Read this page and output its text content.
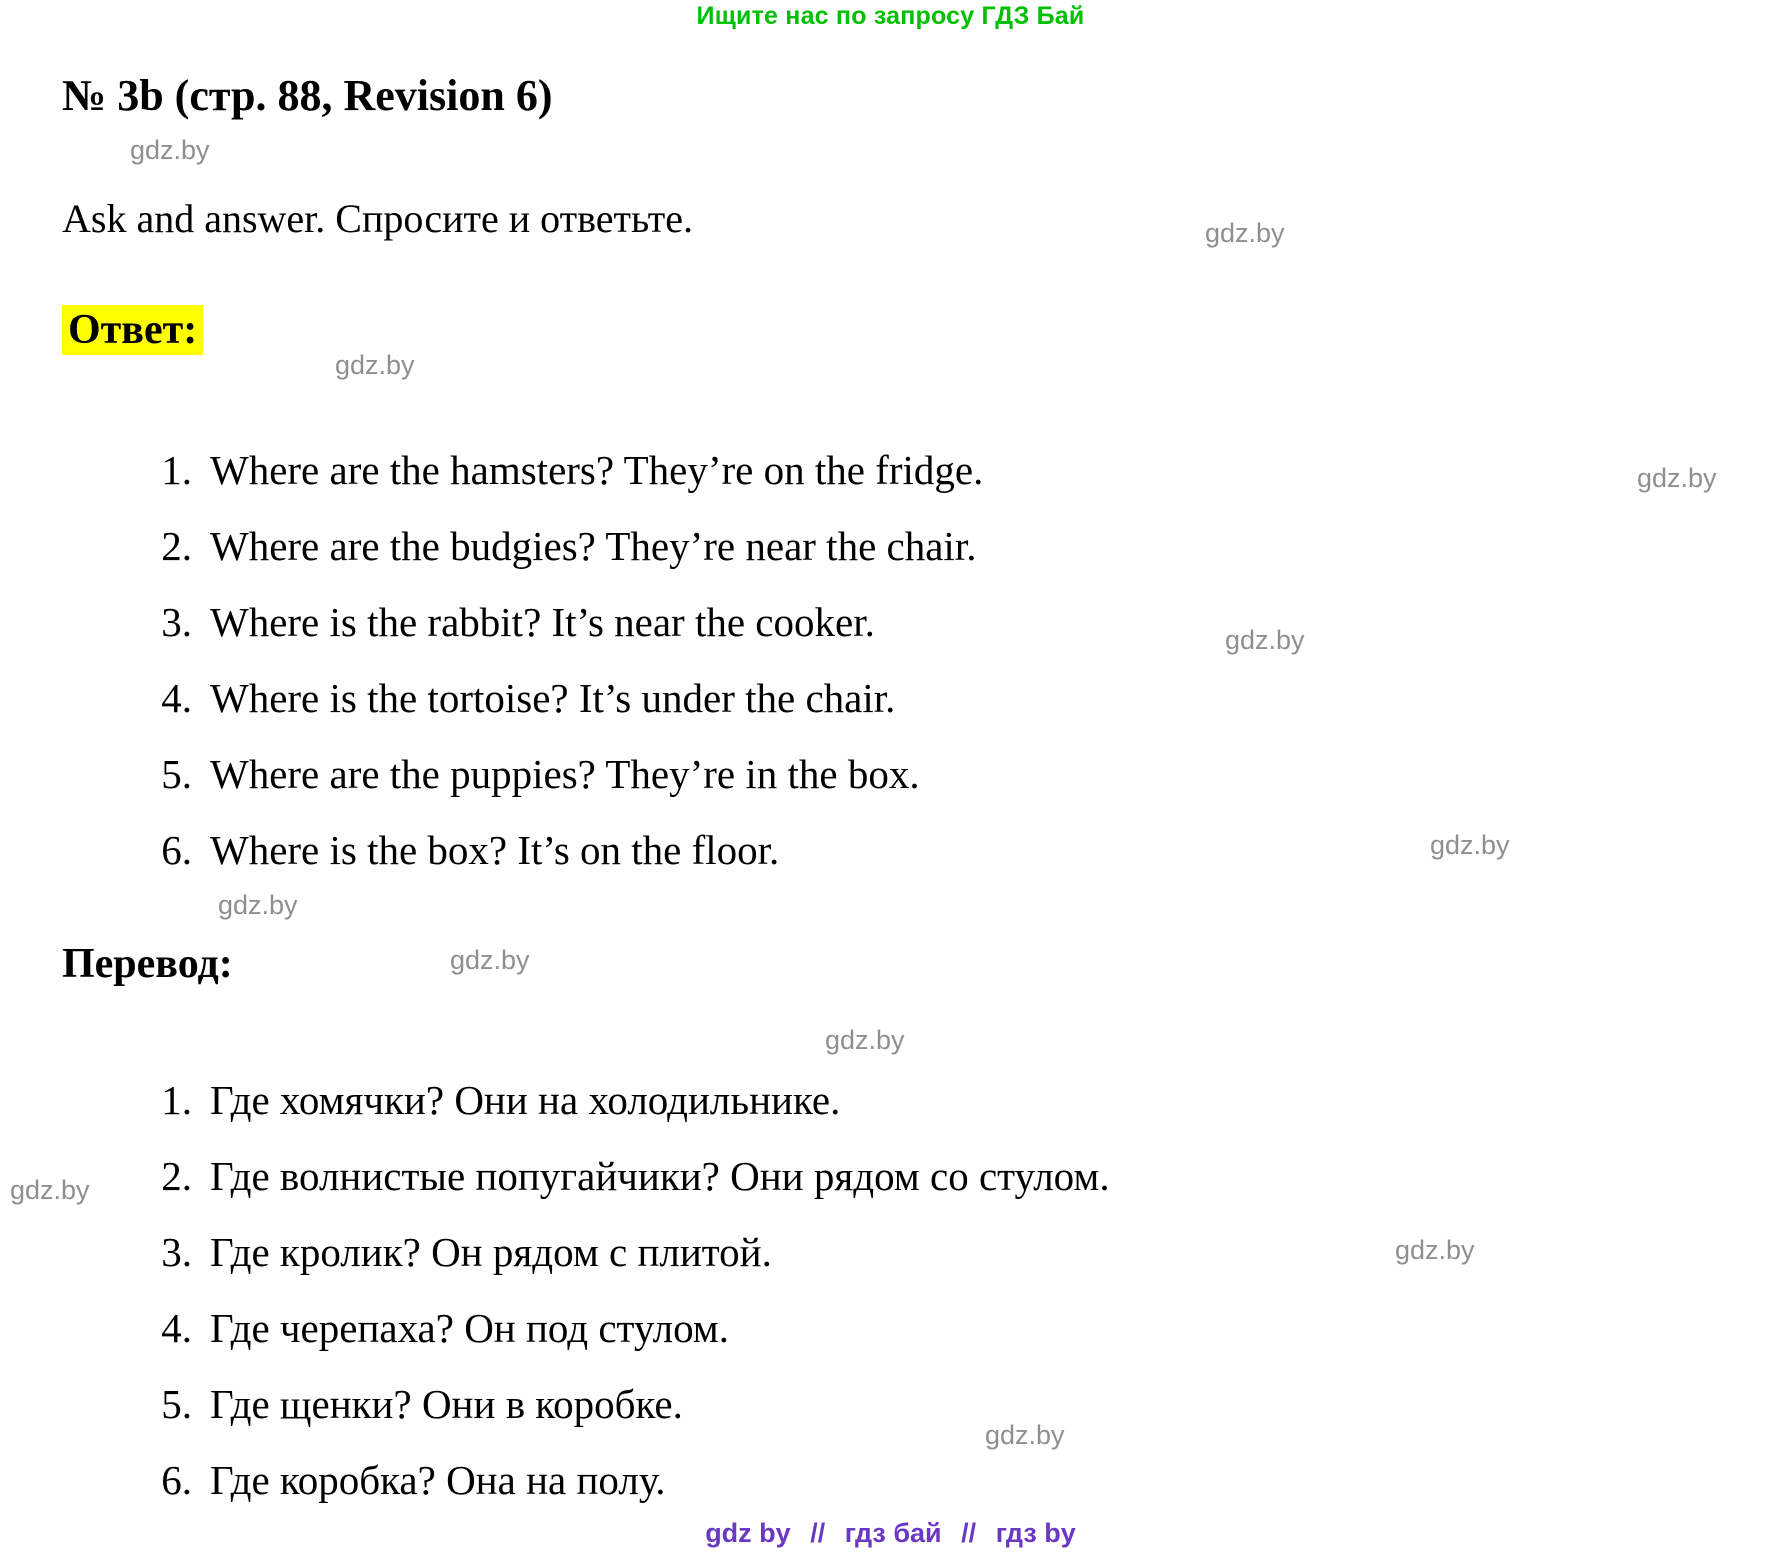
Ищите нас по запросу ГДЗ Бай
№ 3b (стр. 88, Revision 6)
Ask and answer. Спросите и ответьте.
Ответ:
1. Where are the hamsters? They’re on the fridge.
2. Where are the budgies? They’re near the chair.
3. Where is the rabbit? It’s near the cooker.
4. Where is the tortoise? It’s under the chair.
5. Where are the puppies? They’re in the box.
6. Where is the box? It’s on the floor.
Перевод:
1. Где хомячки? Они на холодильнике.
2. Где волнистые попугайчики? Они рядом со стулом.
3. Где кролик? Он рядом с плитой.
4. Где черепаха? Он под стулом.
5. Где щенки? Они в коробке.
6. Где коробка? Она на полу.
gdz.by
gdz.by
gdz.by
gdz.by
gdz.by
gdz.by
gdz.by
gdz.by
gdz.by
gdz.by
gdz.by
gdz.by
gdz by // гдз бай // гдз by
